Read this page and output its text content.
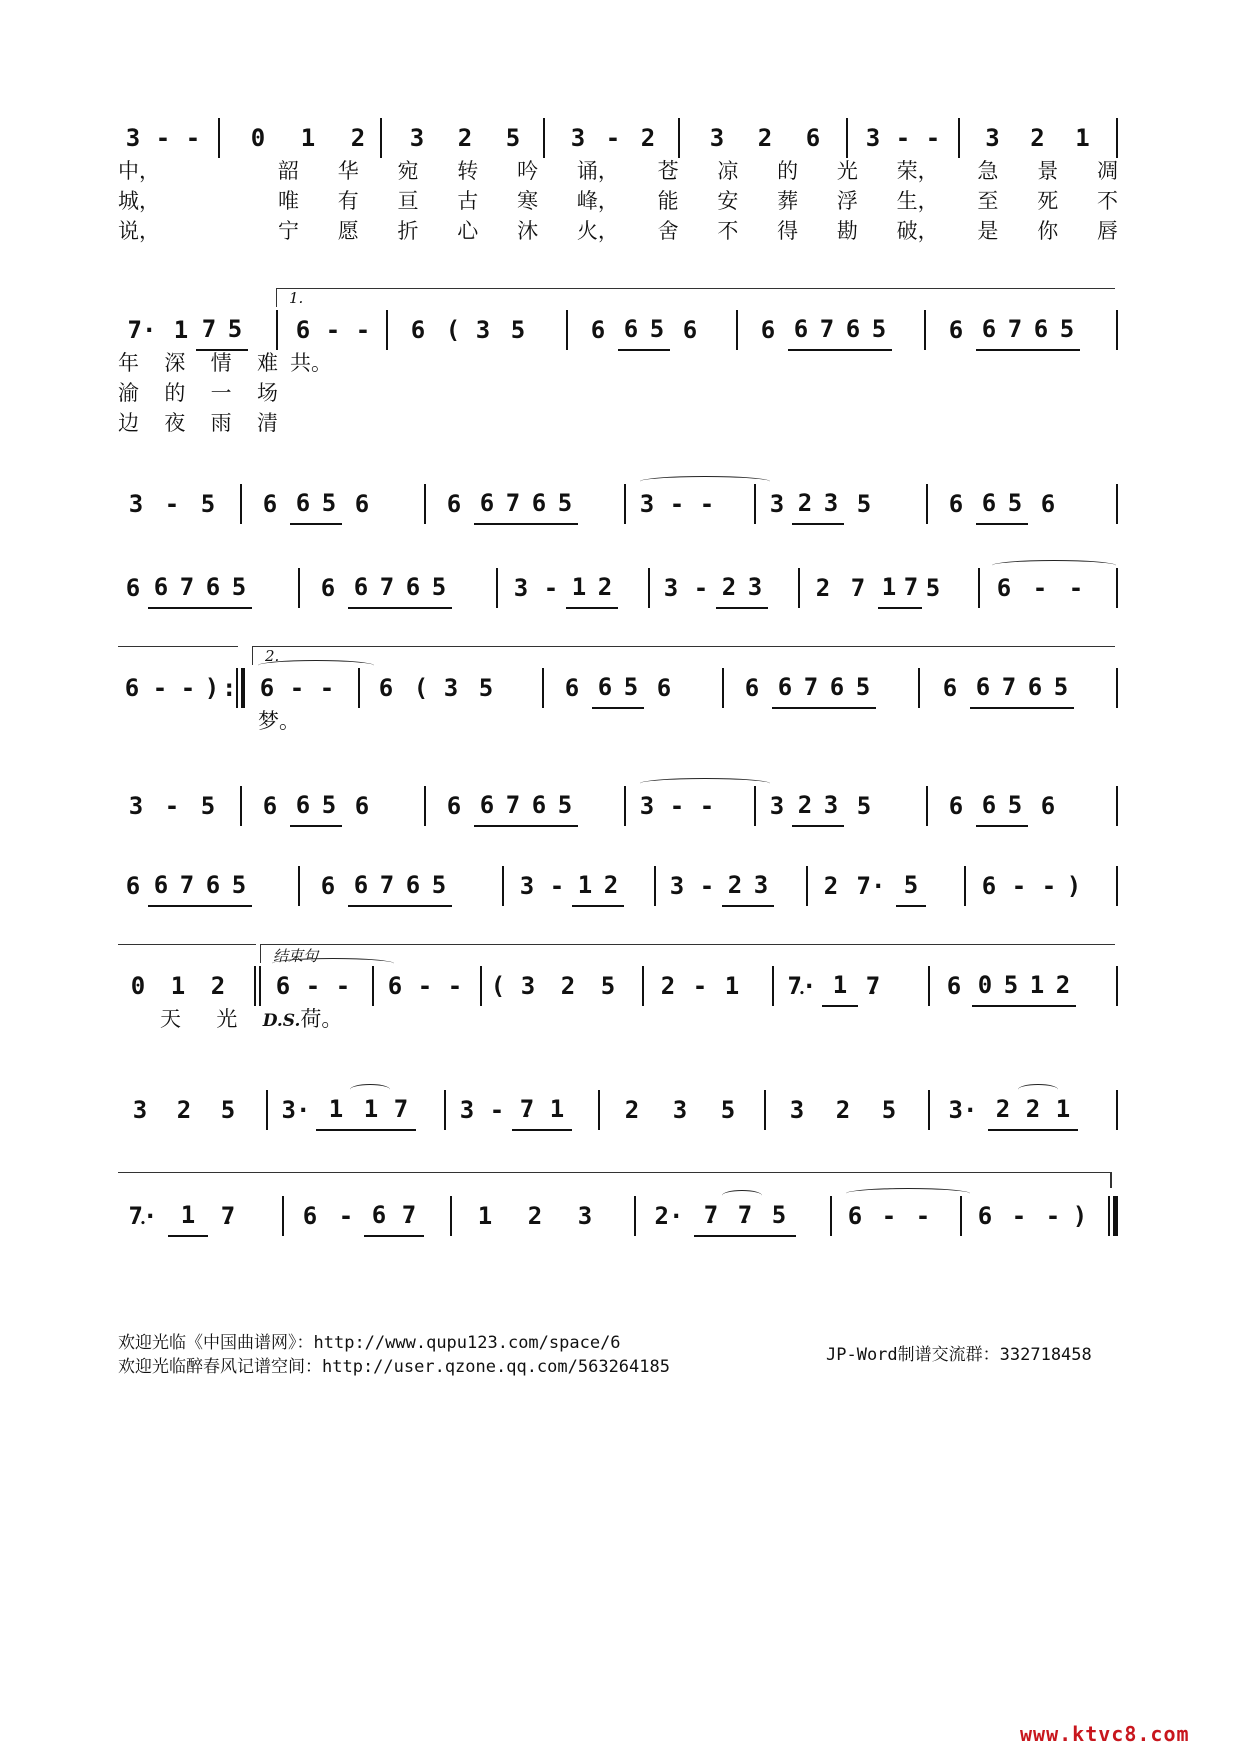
3 - -	0	1	2	3	2	5	3 - 2	3	2	6	3 - -	3	2	1 •
中，
城，
说，
韶 华 宛 转 吟 诵， 苍 凉 的 光 荣， 急 景 凋
唯 有 亘 古 寒 峰， 能 安 葬 浮 生， 至 死 不
宁 愿 折 心 沐 火， 舍 不 得 勘 破， 是 你 唇
1.
7· 1 • 7 5	6 - -	6 ( 3 5	6 6 5 6	6 6 7 6 5	6 6 7 6 5
年 深 情 难 共。
渝 的 一 场
边 夜 雨 清
3 - 5	6 6 5 6	6 6 7 6 5	3 - -	3 2 3 5	6 6 5 6
6 6 7 6 5	6 6 7 6 5	3 - 1 2	3 - 2 3	2 7 1 • 7 5	6 - -
2.
6 - - ) : 6 - -	6 ( 3 5	6 6 5 6	6 6 7 6 5	6 6 7 6 5
梦。
3 - 5	6 6 5 6	6 6 7 6 5	3 - -	3 2 3 5	6 6 5 6
6 6 7 6 5	6 6 7 6 5	3 - 1 2	3 - 2 3	2 7· 5	6 - - )
结束句
0	1	2	6 - -	6 - -	( 3	2	5	2 - 1	7· • 1 7 •	6 • 0 5 • 1 2
天 光 D.S.荷。
3	2	5	3· 1 • 1 • 7	3 - 7 • 1	2	3	5	3	2	5	3· 2 2 1
7· • 1	7 •	6 • - 6 • 7 •	1	2	3	2· 7 • 7 • 5	6 • - -	6 • - - )
欢迎光临《中国曲谱网》：http://www.qupu123.com/space/6
欢迎光临醉春风记谱空间：http://user.qzone.qq.com/563264185
JP-Word制谱交流群：332718458
www.ktvc8.com
